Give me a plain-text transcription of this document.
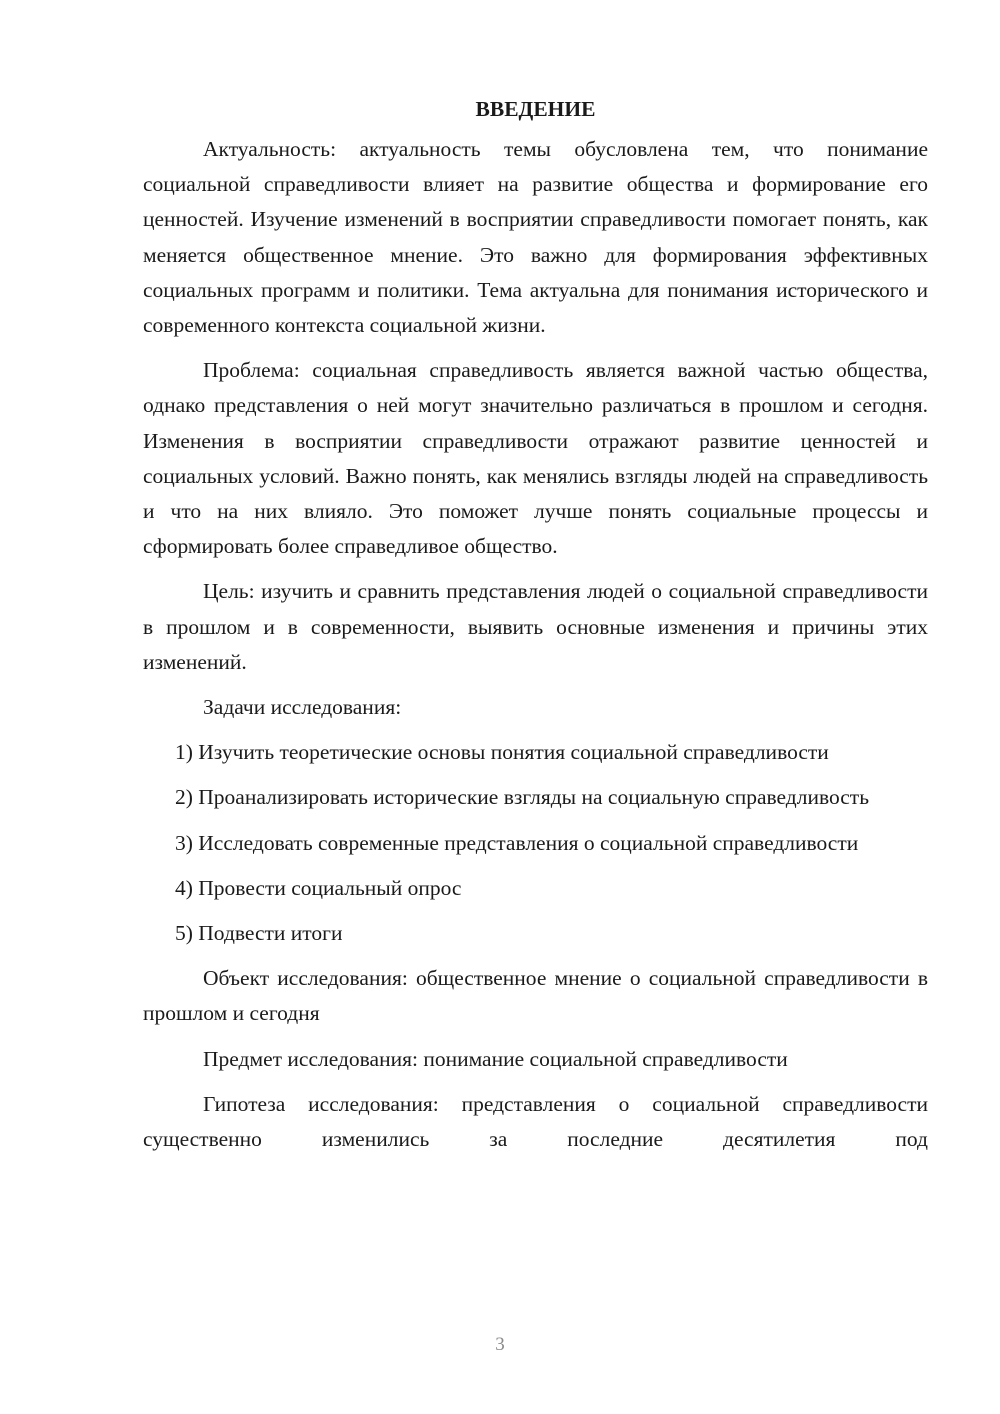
ВВЕДЕНИЕ

Актуальность: актуальность темы обусловлена тем, что понимание социальной справедливости влияет на развитие общества и формирование его ценностей. Изучение изменений в восприятии справедливости помогает понять, как меняется общественное мнение. Это важно для формирования эффективных социальных программ и политики. Тема актуальна для понимания исторического и современного контекста социальной жизни.

Проблема: социальная справедливость является важной частью общества, однако представления о ней могут значительно различаться в прошлом и сегодня. Изменения в восприятии справедливости отражают развитие ценностей и социальных условий. Важно понять, как менялись взгляды людей на справедливость и что на них влияло. Это поможет лучше понять социальные процессы и сформировать более справедливое общество.

Цель: изучить и сравнить представления людей о социальной справедливости в прошлом и в современности, выявить основные изменения и причины этих изменений.

Задачи исследования:

1) Изучить теоретические основы понятия социальной справедливости

2) Проанализировать исторические взгляды на социальную справедливость

3) Исследовать современные представления о социальной справедливости

4) Провести социальный опрос

5) Подвести итоги

Объект исследования: общественное мнение о социальной справедливости в прошлом и сегодня

Предмет исследования: понимание социальной справедливости

Гипотеза исследования: представления о социальной справедливости существенно изменились за последние десятилетия под

3
